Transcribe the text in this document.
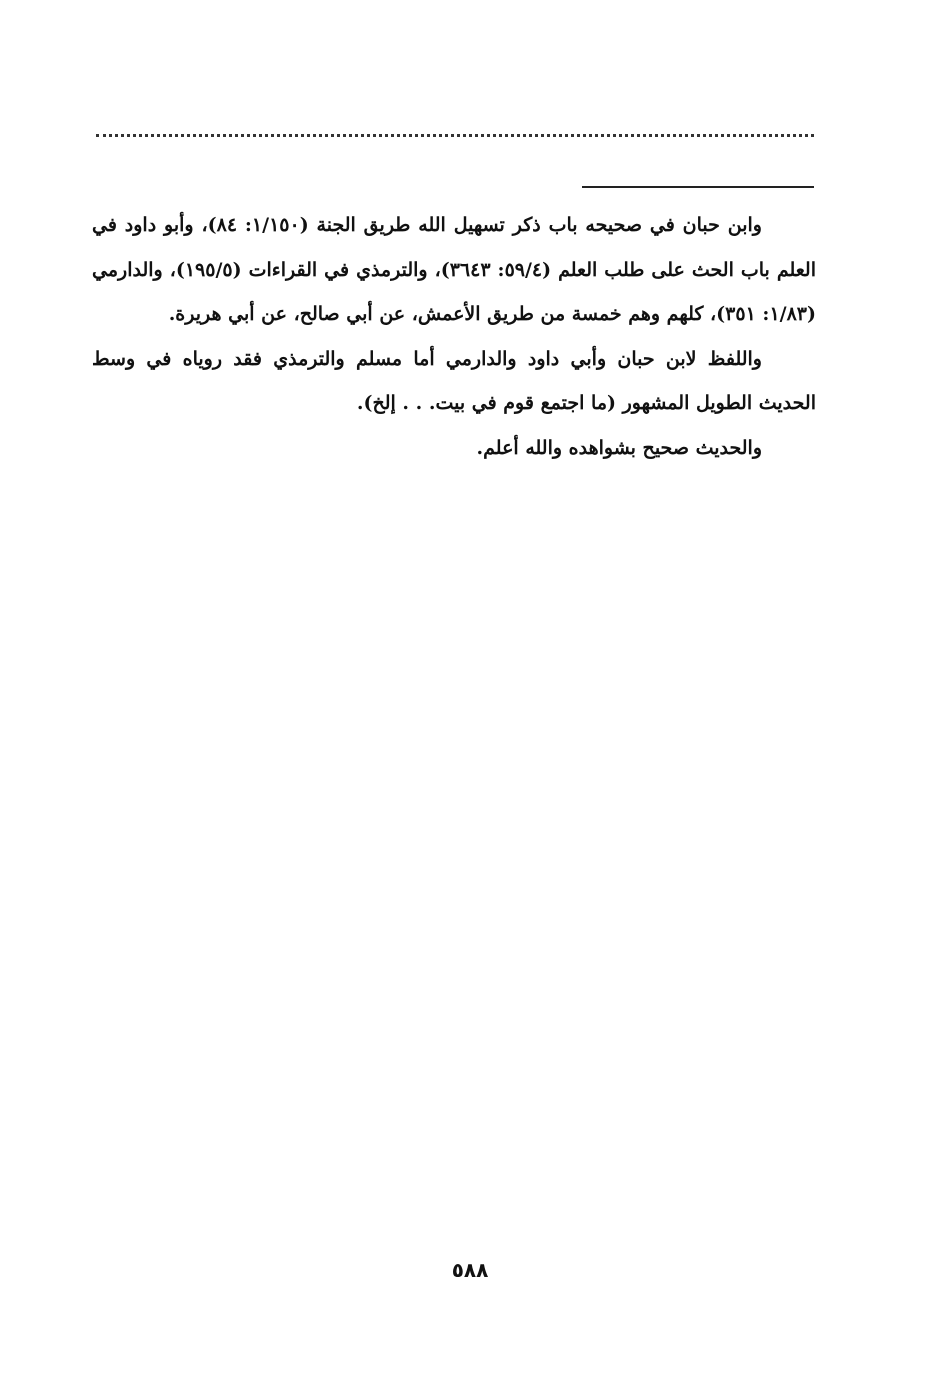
وابن حبان في صحيحه باب ذكر تسهيل الله طريق الجنة (١/١٥٠: ٨٤)، وأبو داود في العلم باب الحث على طلب العلم (٥٩/٤: ٣٦٤٣)، والترمذي في القراءات (١٩٥/٥)، والدارمي (١/٨٣: ٣٥١)، كلهم وهم خمسة من طريق الأعمش، عن أبي صالح، عن أبي هريرة.

واللفظ لابن حبان وأبي داود والدارمي أما مسلم والترمذي فقد روياه في وسط الحديث الطويل المشهور (ما اجتمع قوم في بيت. . . إلخ).

والحديث صحيح بشواهده والله أعلم.

٥٨٨
